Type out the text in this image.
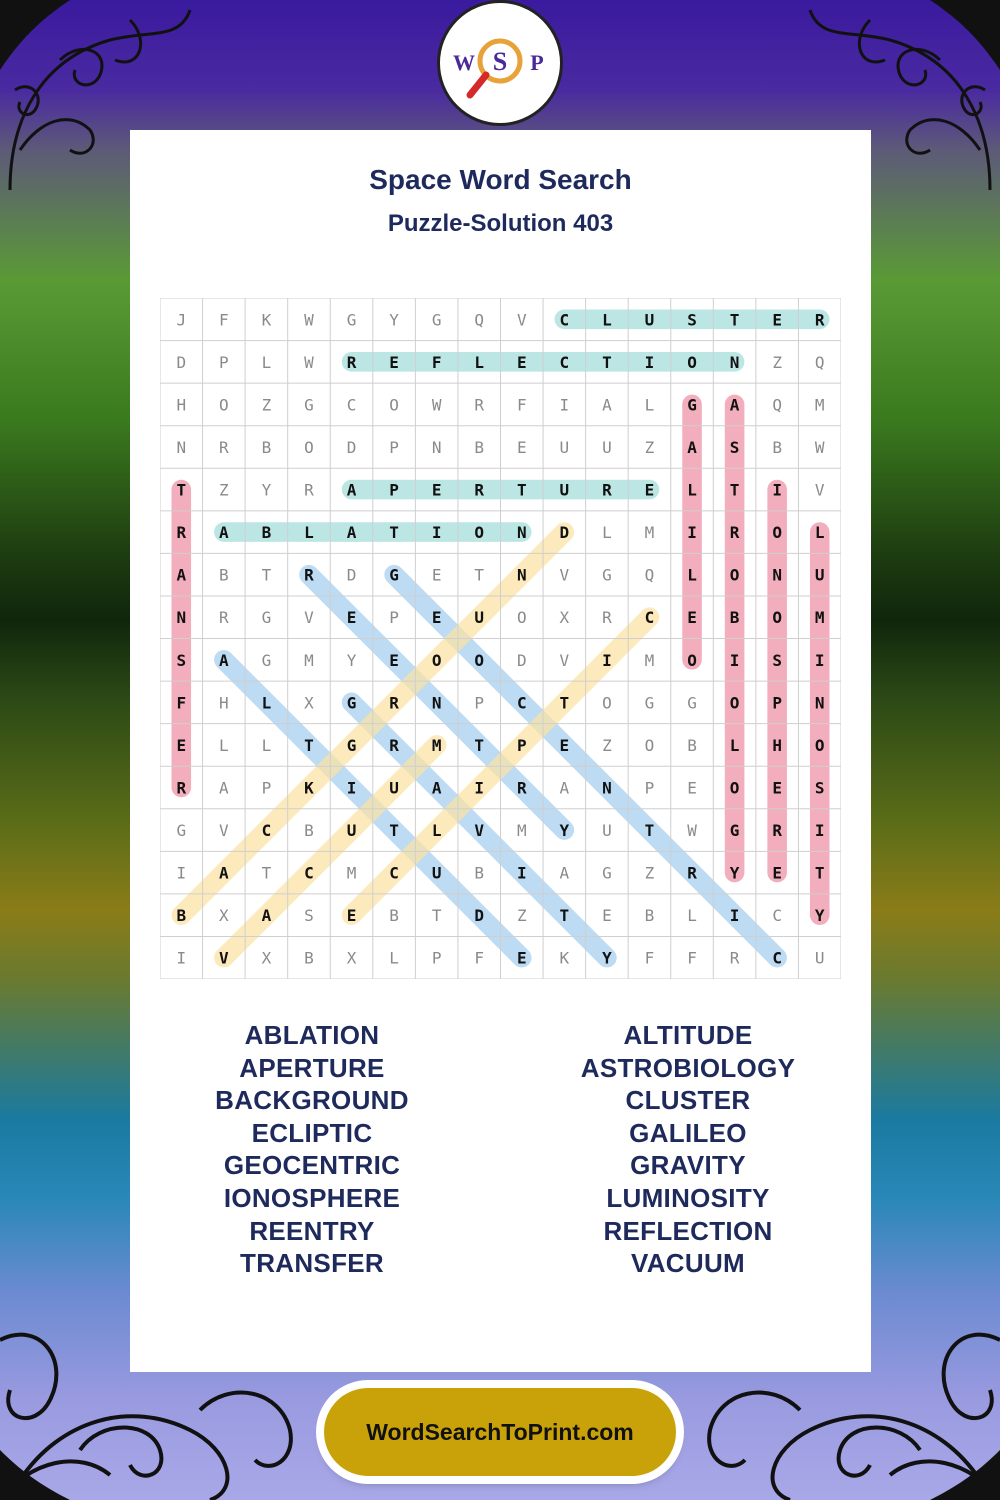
S
W	P
Space Word Search
Puzzle-Solution 403
J F K W G Y G Q V C L U S T E R
D P L W R E F L E C T I O N Z Q
H O Z G C O W R F I A L G A Q M
N R B O D P N B E U U Z A S B W
T Z Y R A P E R T U R E L T I V
R A B L A T I O N D L M I R O L
A B T R D G E T N V G Q L O N U
N R G V E P E U O X R C E B O M
S A G M Y E O O D V I M O I S I
F H L X G R N P C T O G G O P N
E L L T G R M T P E Z O B L H O
R A P K I U A I R A N P E O E S
G V C B U T L V M Y U T W G R I
I A T C M C U B I A G Z R Y E T
B X A S E B T D Z T E B L I C Y
I V X B X L P F E K Y F F R C U
ABLATION
APERTURE
BACKGROUND
ECLIPTIC
GEOCENTRIC
IONOSPHERE
REENTRY
TRANSFER
ALTITUDE
ASTROBIOLOGY
CLUSTER
GALILEO
GRAVITY
LUMINOSITY
REFLECTION
VACUUM
WordSearchToPrint.com
